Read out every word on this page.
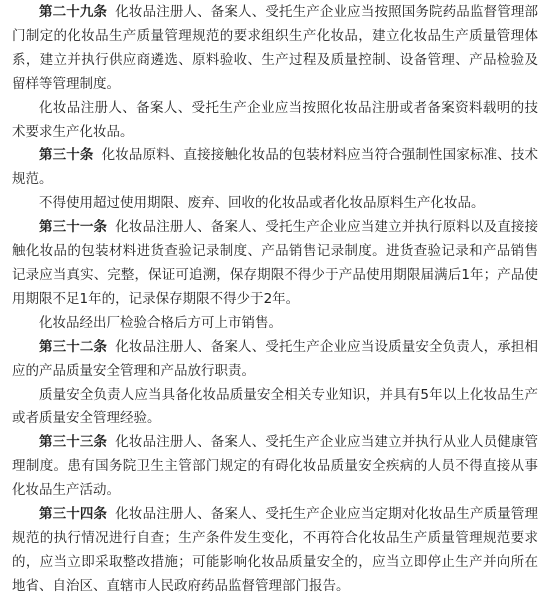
第二十九条 化妆品注册人、备案人、受托生产企业应当按照国务院药品监督管理部门制定的化妆品生产质量管理规范的要求组织生产化妆品，建立化妆品生产质量管理体系，建立并执行供应商遴选、原料验收、生产过程及质量控制、设备管理、产品检验及留样等管理制度。

化妆品注册人、备案人、受托生产企业应当按照化妆品注册或者备案资料载明的技术要求生产化妆品。

第三十条 化妆品原料、直接接触化妆品的包装材料应当符合强制性国家标准、技术规范。

不得使用超过使用期限、废弃、回收的化妆品或者化妆品原料生产化妆品。

第三十一条 化妆品注册人、备案人、受托生产企业应当建立并执行原料以及直接接触化妆品的包装材料进货查验记录制度、产品销售记录制度。进货查验记录和产品销售记录应当真实、完整，保证可追溯，保存期限不得少于产品使用期限届满后1年；产品使用期限不足1年的，记录保存期限不得少于2年。

化妆品经出厂检验合格后方可上市销售。

第三十二条 化妆品注册人、备案人、受托生产企业应当设质量安全负责人，承担相应的产品质量安全管理和产品放行职责。

质量安全负责人应当具备化妆品质量安全相关专业知识，并具有5年以上化妆品生产或者质量安全管理经验。

第三十三条 化妆品注册人、备案人、受托生产企业应当建立并执行从业人员健康管理制度。患有国务院卫生主管部门规定的有碍化妆品质量安全疾病的人员不得直接从事化妆品生产活动。

第三十四条 化妆品注册人、备案人、受托生产企业应当定期对化妆品生产质量管理规范的执行情况进行自查；生产条件发生变化，不再符合化妆品生产质量管理规范要求的，应当立即采取整改措施；可能影响化妆品质量安全的，应当立即停止生产并向所在地省、自治区、直辖市人民政府药品监督管理部门报告。
